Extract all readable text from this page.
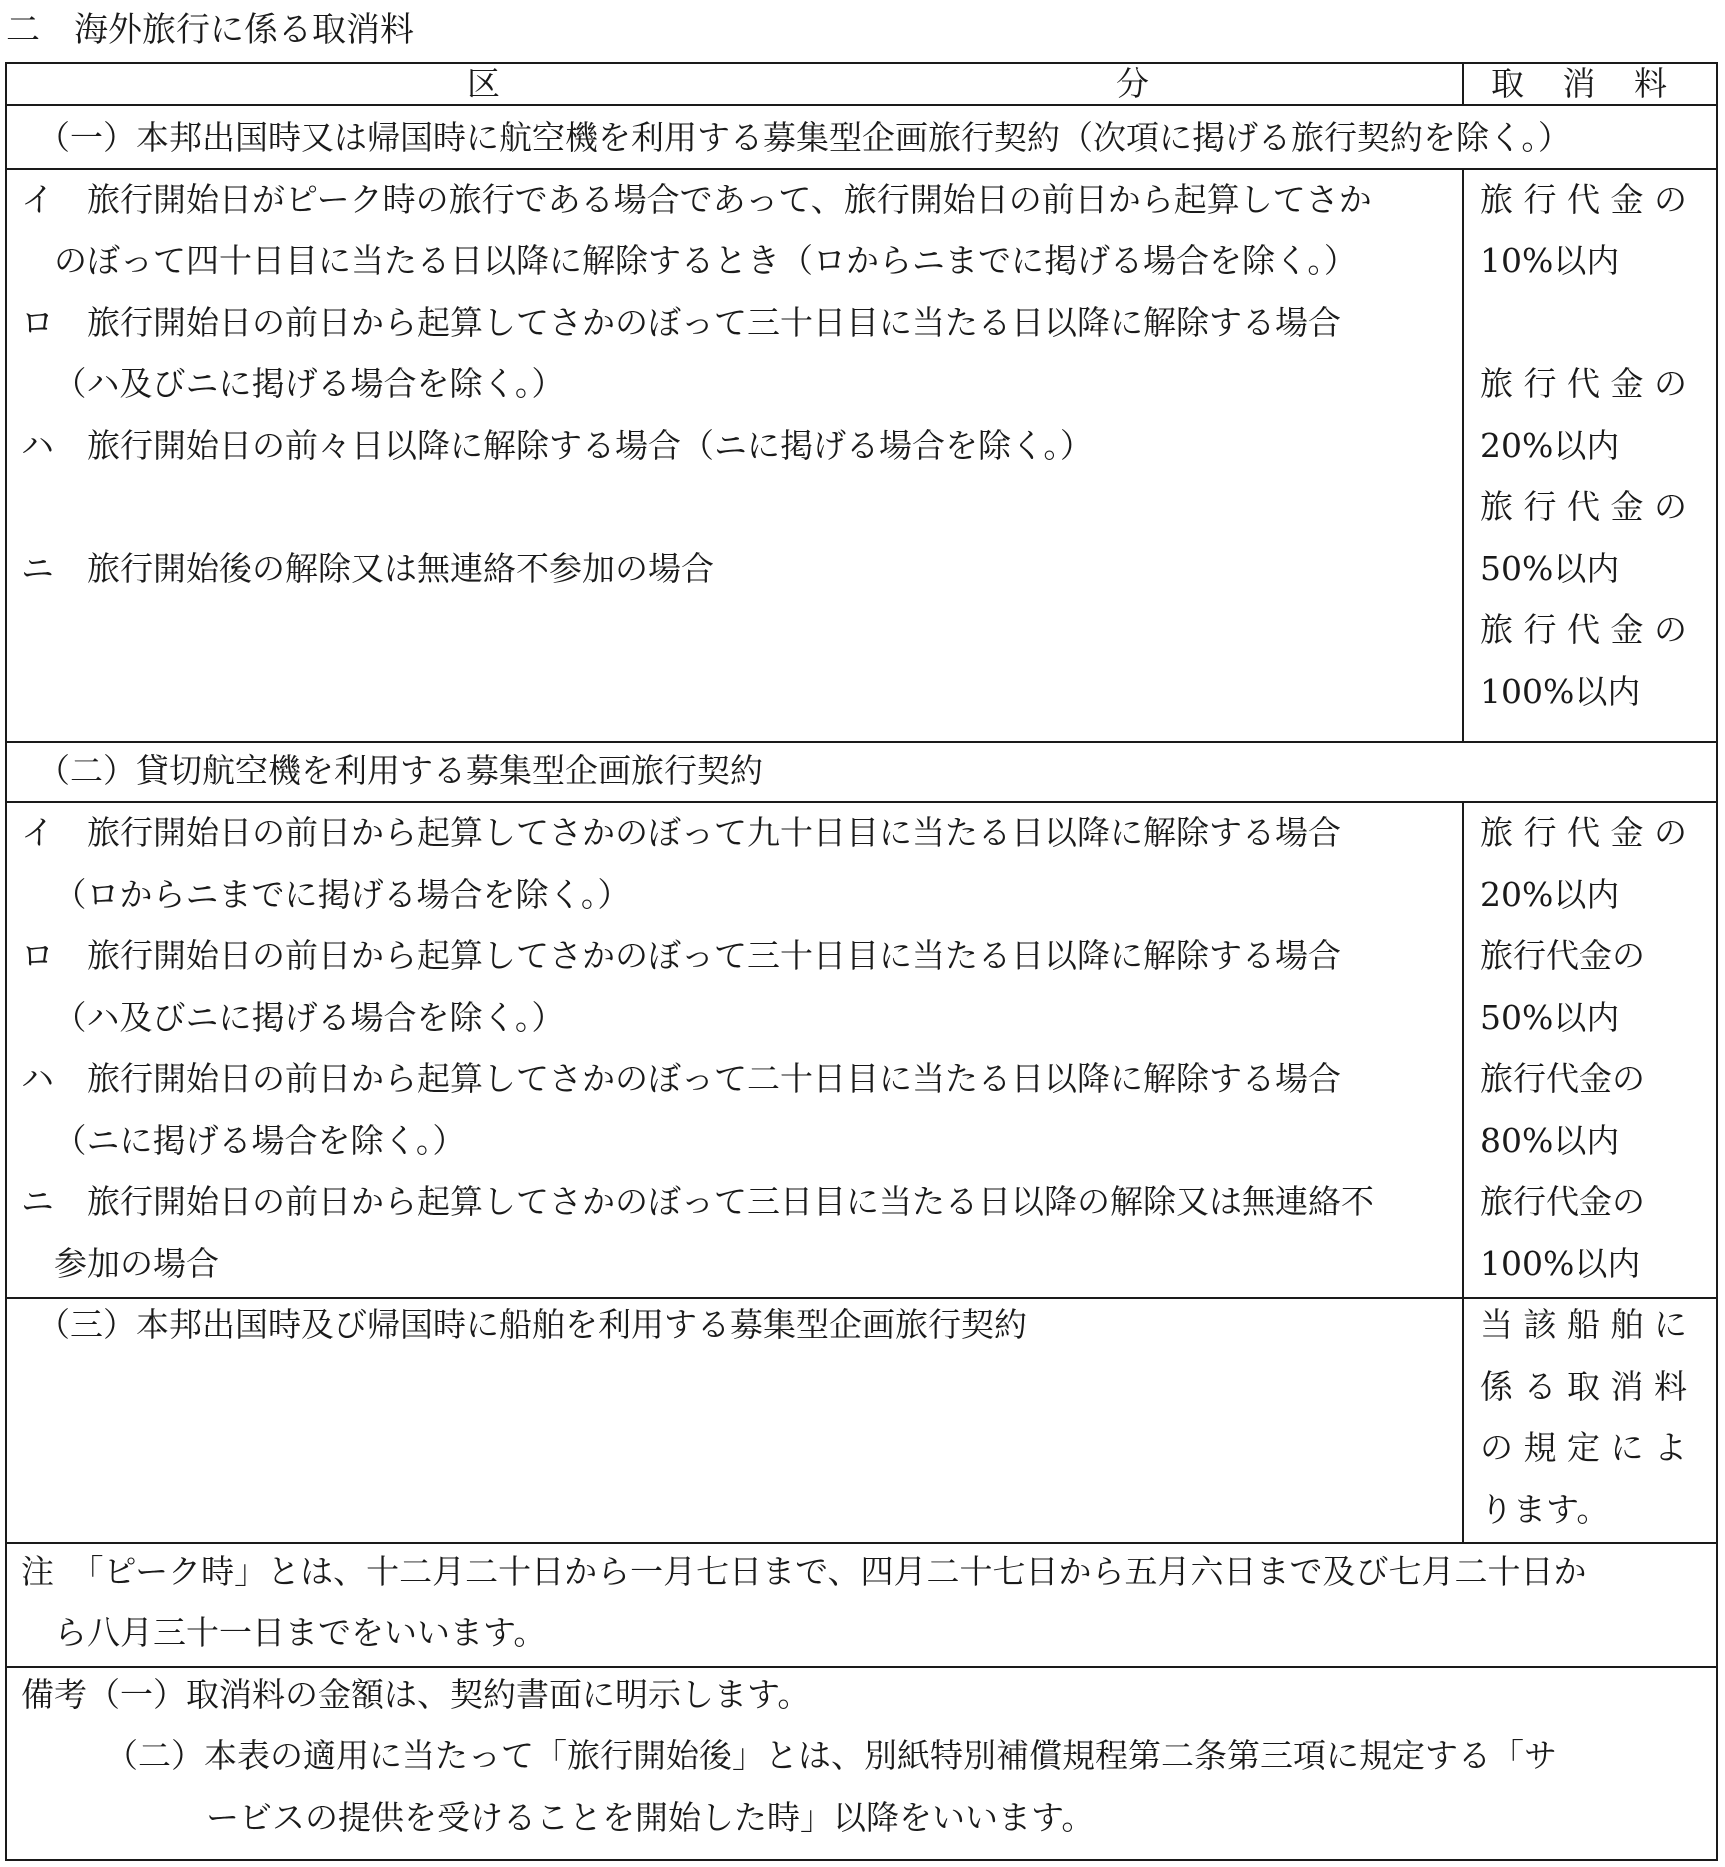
二　海外旅行に係る取消料
区　　　　　　　　　　分	取 消 料
（一）本邦出国時又は帰国時に航空機を利用する募集型企画旅行契約（次項に掲げる旅行契約を除く。）
イ　旅行開始日がピーク時の旅行である場合であって、旅行開始日の前日から起算してさか
　のぼって四十日目に当たる日以降に解除するとき（ロからニまでに掲げる場合を除く。）
ロ　旅行開始日の前日から起算してさかのぼって三十日目に当たる日以降に解除する場合
　（ハ及びニに掲げる場合を除く。）
ハ　旅行開始日の前々日以降に解除する場合（ニに掲げる場合を除く。）
ニ　旅行開始後の解除又は無連絡不参加の場合
旅 行 代 金 の
10%以内
旅 行 代 金 の
20%以内
旅 行 代 金 の
50%以内
旅 行 代 金 の
100%以内
（二）貸切航空機を利用する募集型企画旅行契約
イ　旅行開始日の前日から起算してさかのぼって九十日目に当たる日以降に解除する場合
　（ロからニまでに掲げる場合を除く。）
ロ　旅行開始日の前日から起算してさかのぼって三十日目に当たる日以降に解除する場合
　（ハ及びニに掲げる場合を除く。）
ハ　旅行開始日の前日から起算してさかのぼって二十日目に当たる日以降に解除する場合
　（ニに掲げる場合を除く。）
ニ　旅行開始日の前日から起算してさかのぼって三日目に当たる日以降の解除又は無連絡不
　参加の場合
旅 行 代 金 の
20%以内
旅行代金の
50%以内
旅行代金の
80%以内
旅行代金の
100%以内
（三）本邦出国時及び帰国時に船舶を利用する募集型企画旅行契約	当 該 船 舶 に
係 る 取 消 料
の 規 定 に よ
ります。
注　「ピーク時」とは、十二月二十日から一月七日まで、四月二十七日から五月六日まで及び七月二十日か
　ら八月三十一日までをいいます。
備考（一）取消料の金額は、契約書面に明示します。
（二）本表の適用に当たって「旅行開始後」とは、別紙特別補償規程第二条第三項に規定する「サ
ービスの提供を受けることを開始した時」以降をいいます。
